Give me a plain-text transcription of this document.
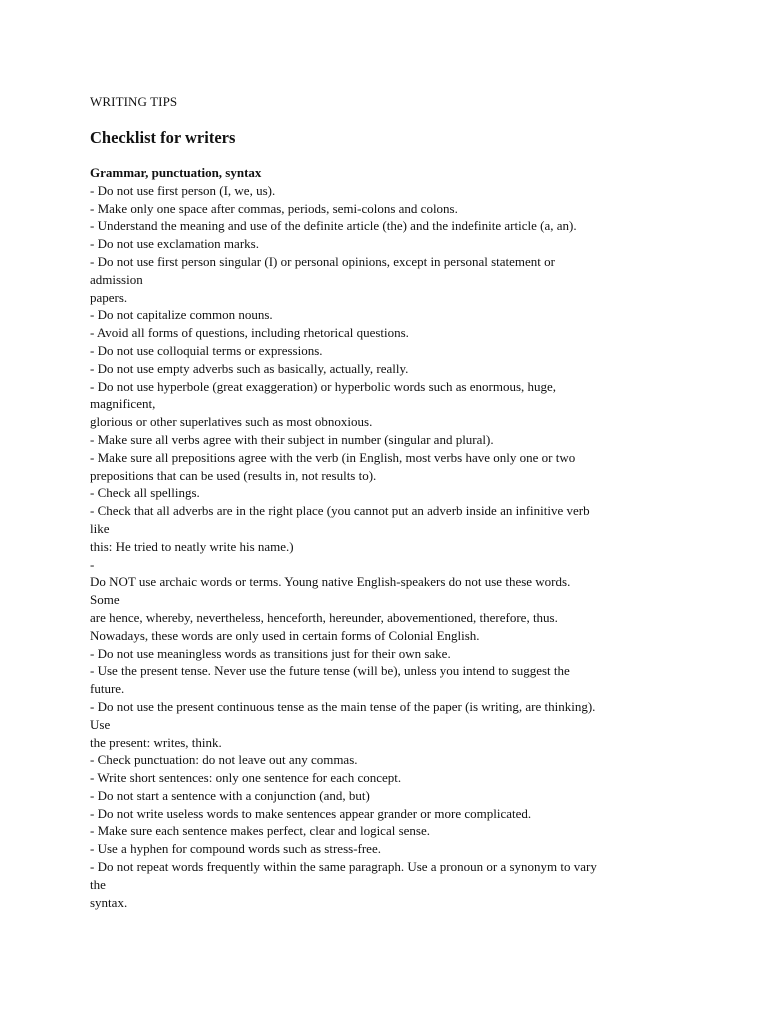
WRITING TIPS
Checklist for writers
Grammar, punctuation, syntax
- Do not use first person (I, we, us).
- Make only one space after commas, periods, semi-colons and colons.
- Understand the meaning and use of the definite article (the) and the indefinite article (a, an).
- Do not use exclamation marks.
- Do not use first person singular (I) or personal opinions, except in personal statement or
admission
papers.
- Do not capitalize common nouns.
- Avoid all forms of questions, including rhetorical questions.
- Do not use colloquial terms or expressions.
- Do not use empty adverbs such as basically, actually, really.
- Do not use hyperbole (great exaggeration) or hyperbolic words such as enormous, huge,
magnificent,
glorious or other superlatives such as most obnoxious.
- Make sure all verbs agree with their subject in number (singular and plural).
- Make sure all prepositions agree with the verb (in English, most verbs have only one or two
prepositions that can be used (results in, not results to).
- Check all spellings.
- Check that all adverbs are in the right place (you cannot put an adverb inside an infinitive verb
like
this: He tried to neatly write his name.)
-
Do NOT use archaic words or terms. Young native English-speakers do not use these words.
Some
are hence, whereby, nevertheless, henceforth, hereunder, abovementioned, therefore, thus.
Nowadays, these words are only used in certain forms of Colonial English.
- Do not use meaningless words as transitions just for their own sake.
- Use the present tense. Never use the future tense (will be), unless you intend to suggest the
future.
- Do not use the present continuous tense as the main tense of the paper (is writing, are thinking).
Use
the present: writes, think.
- Check punctuation: do not leave out any commas.
- Write short sentences: only one sentence for each concept.
- Do not start a sentence with a conjunction (and, but)
- Do not write useless words to make sentences appear grander or more complicated.
- Make sure each sentence makes perfect, clear and logical sense.
- Use a hyphen for compound words such as stress-free.
- Do not repeat words frequently within the same paragraph. Use a pronoun or a synonym to vary
the
syntax.
